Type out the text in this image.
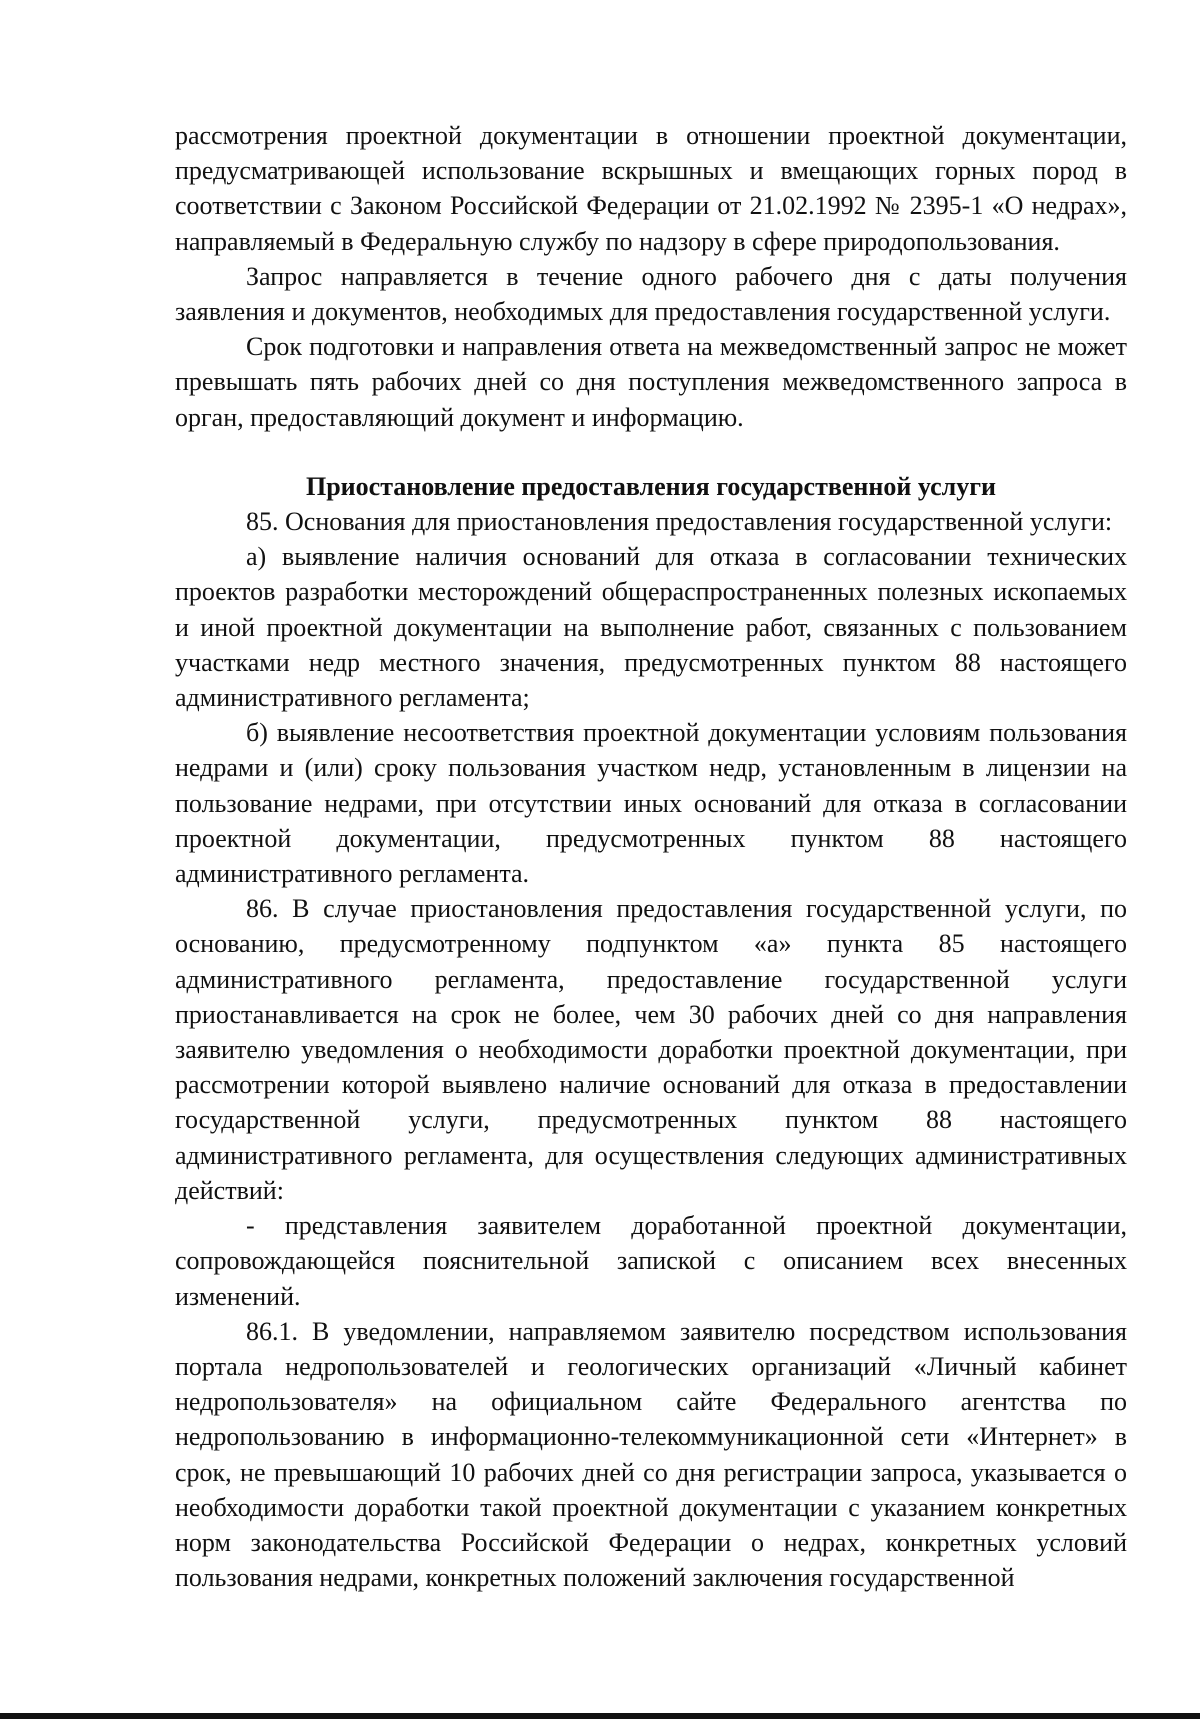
рассмотрения проектной документации в отношении проектной документации, предусматривающей использование вскрышных и вмещающих горных пород в соответствии с Законом Российской Федерации от 21.02.1992 № 2395-1 «О недрах», направляемый в Федеральную службу по надзору в сфере природопользования.

Запрос направляется в течение одного рабочего дня с даты получения заявления и документов, необходимых для предоставления государственной услуги.

Срок подготовки и направления ответа на межведомственный запрос не может превышать пять рабочих дней со дня поступления межведомственного запроса в орган, предоставляющий документ и информацию.

Приостановление предоставления государственной услуги

85. Основания для приостановления предоставления государственной услуги:

а) выявление наличия оснований для отказа в согласовании технических проектов разработки месторождений общераспространенных полезных ископаемых и иной проектной документации на выполнение работ, связанных с пользованием участками недр местного значения, предусмотренных пунктом 88 настоящего административного регламента;

б) выявление несоответствия проектной документации условиям пользования недрами и (или) сроку пользования участком недр, установленным в лицензии на пользование недрами, при отсутствии иных оснований для отказа в согласовании проектной документации, предусмотренных пунктом 88 настоящего административного регламента.

86. В случае приостановления предоставления государственной услуги, по основанию, предусмотренному подпунктом «а» пункта 85 настоящего административного регламента, предоставление государственной услуги приостанавливается на срок не более, чем 30 рабочих дней со дня направления заявителю уведомления о необходимости доработки проектной документации, при рассмотрении которой выявлено наличие оснований для отказа в предоставлении государственной услуги, предусмотренных пунктом 88 настоящего административного регламента, для осуществления следующих административных действий:

- представления заявителем доработанной проектной документации, сопровождающейся пояснительной запиской с описанием всех внесенных изменений.

86.1. В уведомлении, направляемом заявителю посредством использования портала недропользователей и геологических организаций «Личный кабинет недропользователя» на официальном сайте Федерального агентства по недропользованию в информационно-телекоммуникационной сети «Интернет» в срок, не превышающий 10 рабочих дней со дня регистрации запроса, указывается о необходимости доработки такой проектной документации с указанием конкретных норм законодательства Российской Федерации о недрах, конкретных условий пользования недрами, конкретных положений заключения государственной
